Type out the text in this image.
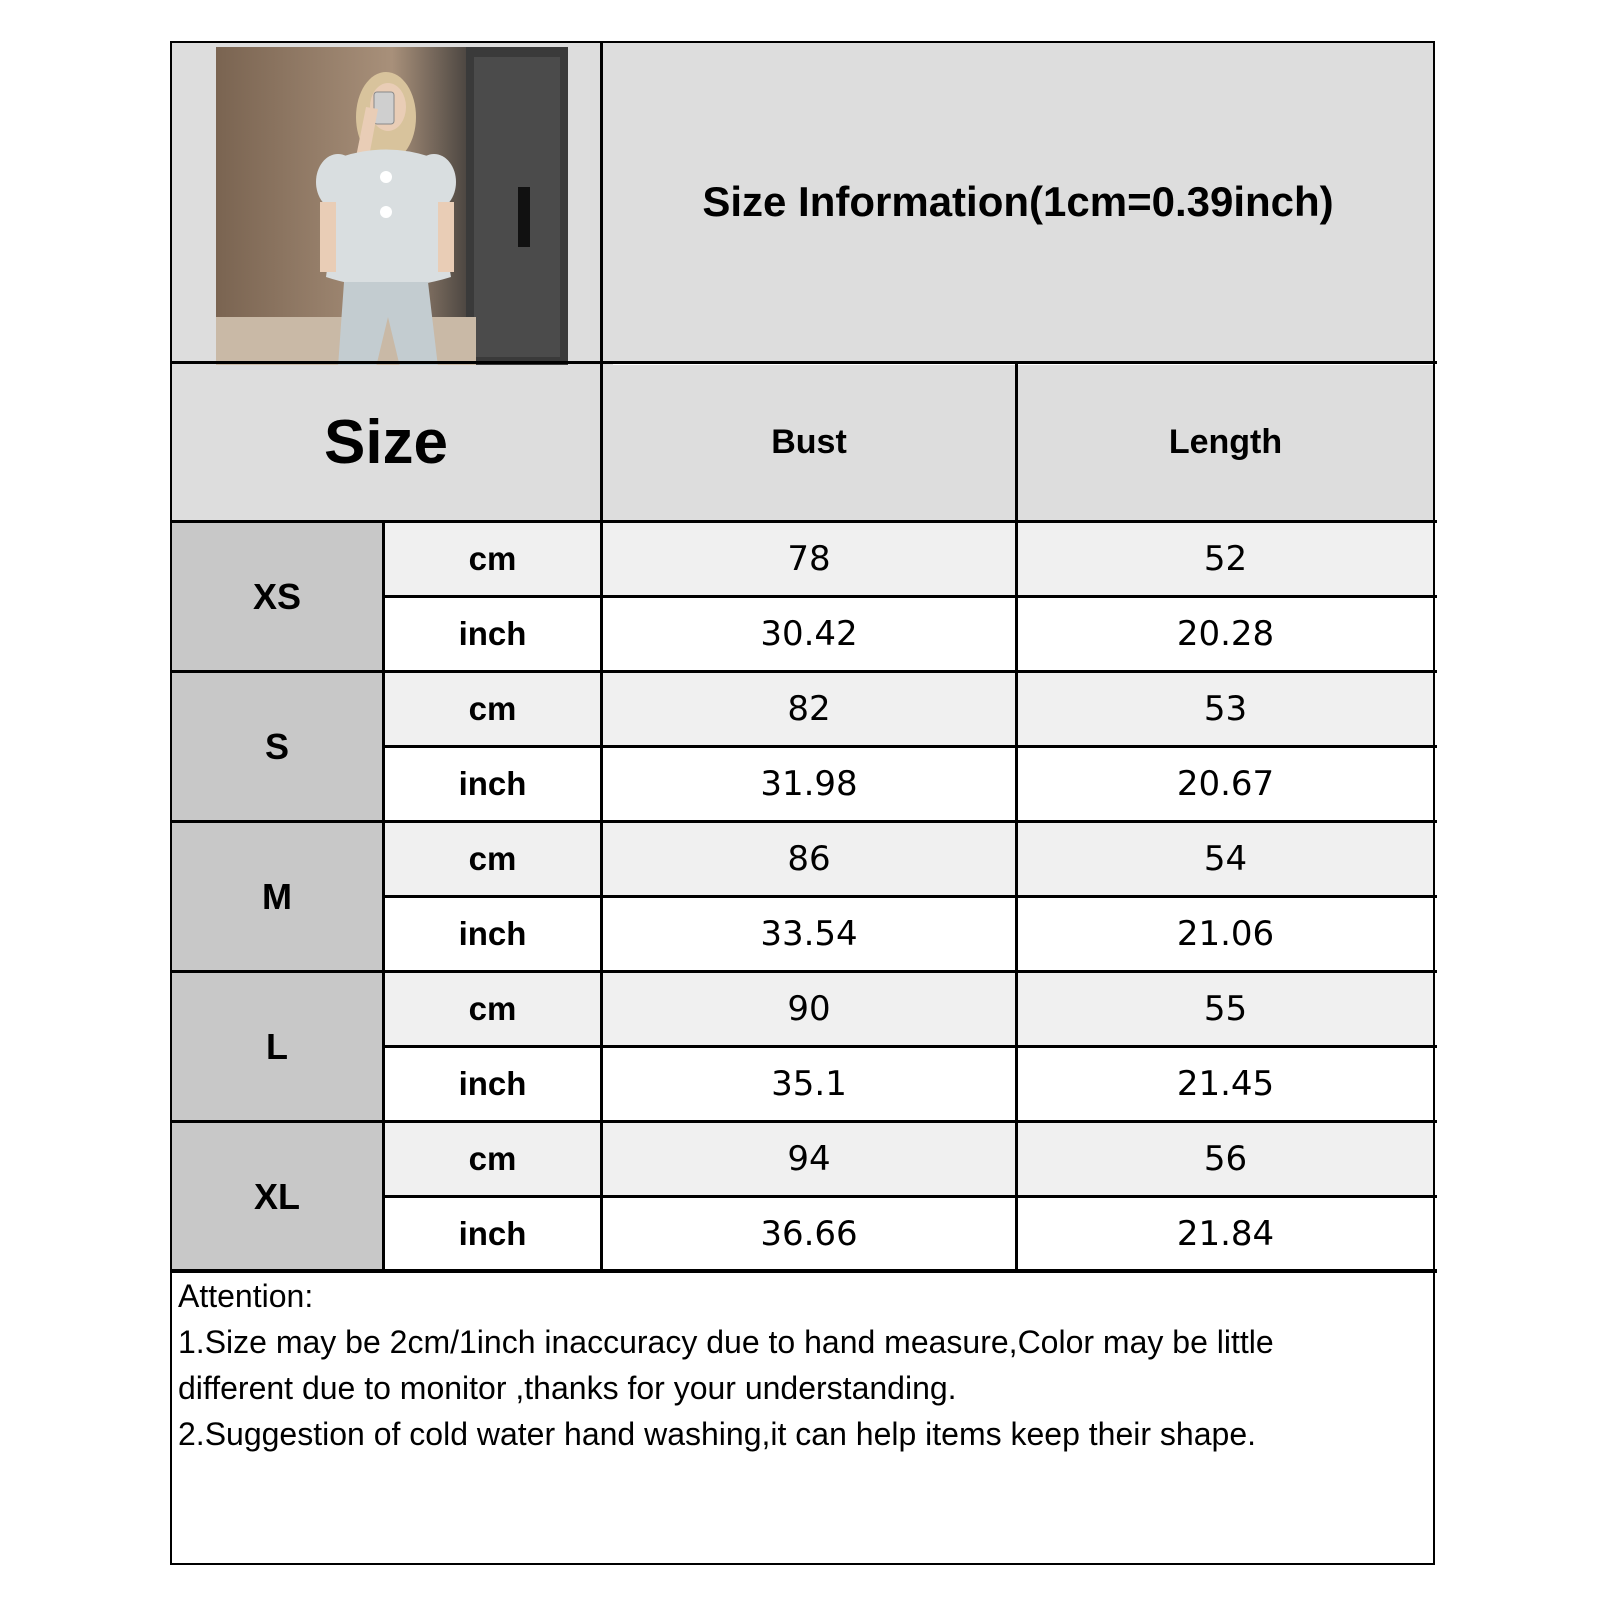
Size Information(1cm=0.39inch)
Size	Bust	Length
XS
cm	78	52
inch	30.42	20.28
S
cm	82	53
inch	31.98	20.67
M
cm	86	54
inch	33.54	21.06
L
cm	90	55
inch	35.1	21.45
XL
cm	94	56
inch	36.66	21.84
Attention:
1.Size may be 2cm/1inch inaccuracy due to hand measure,Color may be little
different due to monitor ,thanks for your understanding.
2.Suggestion of cold water hand washing,it can help items keep their shape.
